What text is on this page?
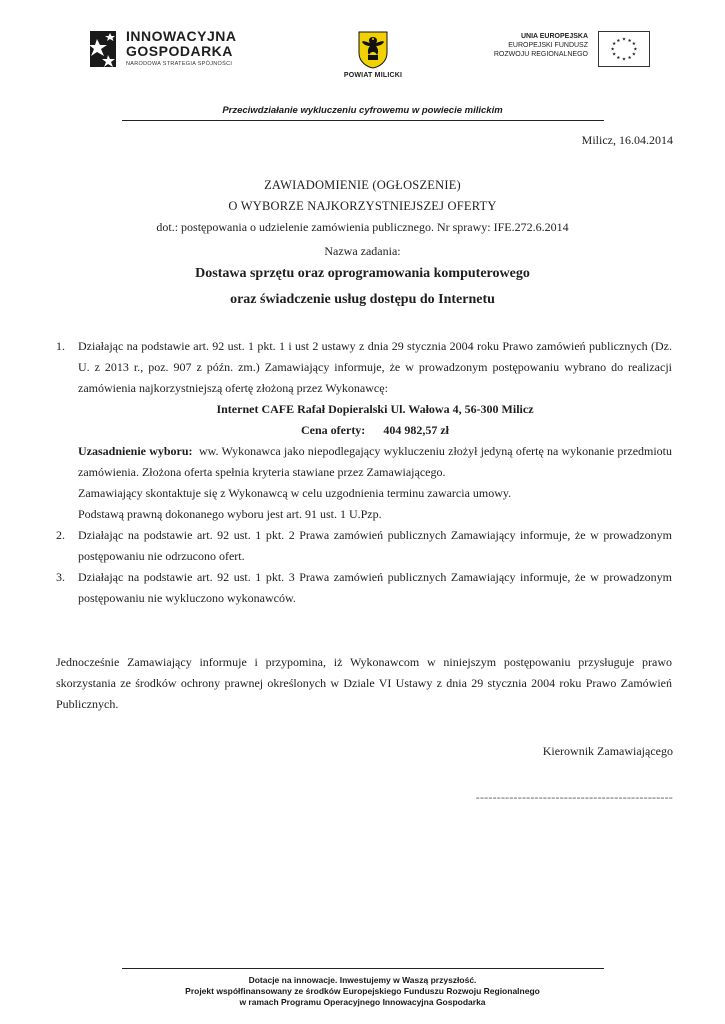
INNOWACYJNA
GOSPODARKA
NARODOWA STRATEGIA SPÓJNOŚCI
POWIAT MILICKI
UNIA EUROPEJSKA
EUROPEJSKI FUNDUSZ
ROZWOJU REGIONALNEGO
★ ★
★
★
★
★
★
★
★
★
★
★
Przeciwdziałanie wykluczeniu cyfrowemu w powiecie milickim
Milicz, 16.04.2014
ZAWIADOMIENIE (OGŁOSZENIE)
O WYBORZE NAJKORZYSTNIEJSZEJ OFERTY
dot.: postępowania o udzielenie zamówienia publicznego. Nr sprawy: IFE.272.6.2014
Nazwa zadania:
Dostawa sprzętu oraz oprogramowania komputerowego
oraz świadczenie usług dostępu do Internetu
1. Działając na podstawie art. 92 ust. 1 pkt. 1 i ust 2 ustawy z dnia 29 stycznia 2004 roku Prawo zamówień publicznych (Dz. U. z 2013 r., poz. 907 z późn. zm.) Zamawiający informuje, że w prowadzonym postępowaniu wybrano do realizacji zamówienia najkorzystniejszą ofertę złożoną przez Wykonawcę:
Internet CAFE Rafał Dopieralski Ul. Wałowa 4, 56-300 Milicz
Cena oferty: 404 982,57 zł
Uzasadnienie wyboru: ww. Wykonawca jako niepodlegający wykluczeniu złożył jedyną ofertę na wykonanie przedmiotu zamówienia. Złożona oferta spełnia kryteria stawiane przez Zamawiającego.
Zamawiający skontaktuje się z Wykonawcą w celu uzgodnienia terminu zawarcia umowy.
Podstawą prawną dokonanego wyboru jest art. 91 ust. 1 U.Pzp.
2. Działając na podstawie art. 92 ust. 1 pkt. 2 Prawa zamówień publicznych Zamawiający informuje, że w prowadzonym postępowaniu nie odrzucono ofert.
3. Działając na podstawie art. 92 ust. 1 pkt. 3 Prawa zamówień publicznych Zamawiający informuje, że w prowadzonym postępowaniu nie wykluczono wykonawców.
Jednocześnie Zamawiający informuje i przypomina, iż Wykonawcom w niniejszym postępowaniu przysługuje prawo skorzystania ze środków ochrony prawnej określonych w Dziale VI Ustawy z dnia 29 stycznia 2004 roku Prawo Zamówień Publicznych.
Kierownik Zamawiającego
-----------------------------------------------
Dotacje na innowacje. Inwestujemy w Waszą przyszłość.
Projekt współfinansowany ze środków Europejskiego Funduszu Rozwoju Regionalnego
w ramach Programu Operacyjnego Innowacyjna Gospodarka
